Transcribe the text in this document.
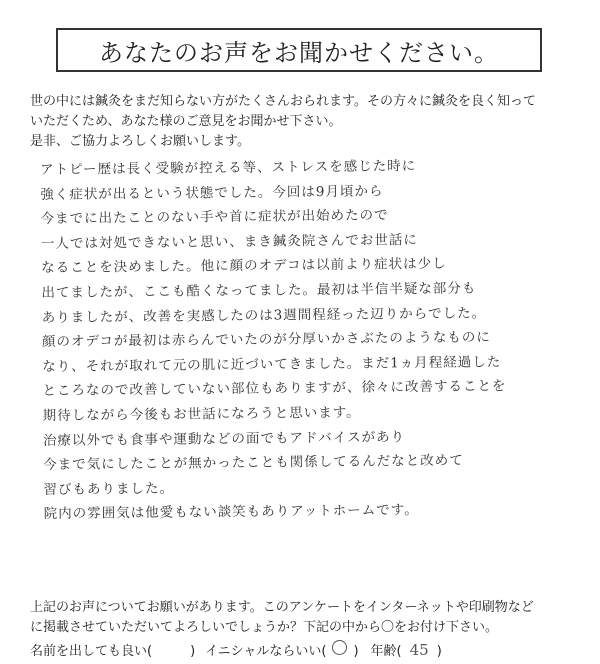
あなたのお声をお聞かせください。

世の中には鍼灸をまだ知らない方がたくさんおられます。その方々に鍼灸を良く知って

いただくため、あなた様のご意見をお聞かせ下さい。

是非、ご協力よろしくお願いします。

アトピー歴は長く受験が控える等、ストレスを感じた時に
強く症状が出るという状態でした。今回は9月頃から
今までに出たことのない手や首に症状が出始めたので
一人では対処できないと思い、まき鍼灸院さんでお世話に
なることを決めました。他に顔のオデコは以前より症状は少し
出てましたが、ここも酷くなってました。最初は半信半疑な部分も
ありましたが、改善を実感したのは3週間程経った辺りからでした。
顔のオデコが最初は赤らんでいたのが分厚いかさぶたのようなものに
なり、それが取れて元の肌に近づいてきました。まだ1ヵ月程経過した
ところなので改善していない部位もありますが、徐々に改善することを
期待しながら今後もお世話になろうと思います。
治療以外でも食事や運動などの面でもアドバイスがあり
今まで気にしたことが無かったことも関係してるんだなと改めて
習びもありました。
院内の雰囲気は他愛もない談笑もありアットホームです。

上記のお声についてお願いがあります。このアンケートをインターネットや印刷物など

に掲載させていただいてよろしいでしょうか？下記の中から〇をお付け下さい。

名前を出しても良い(	) イニシャルならいい( ○ ) 年齢( 45 )
